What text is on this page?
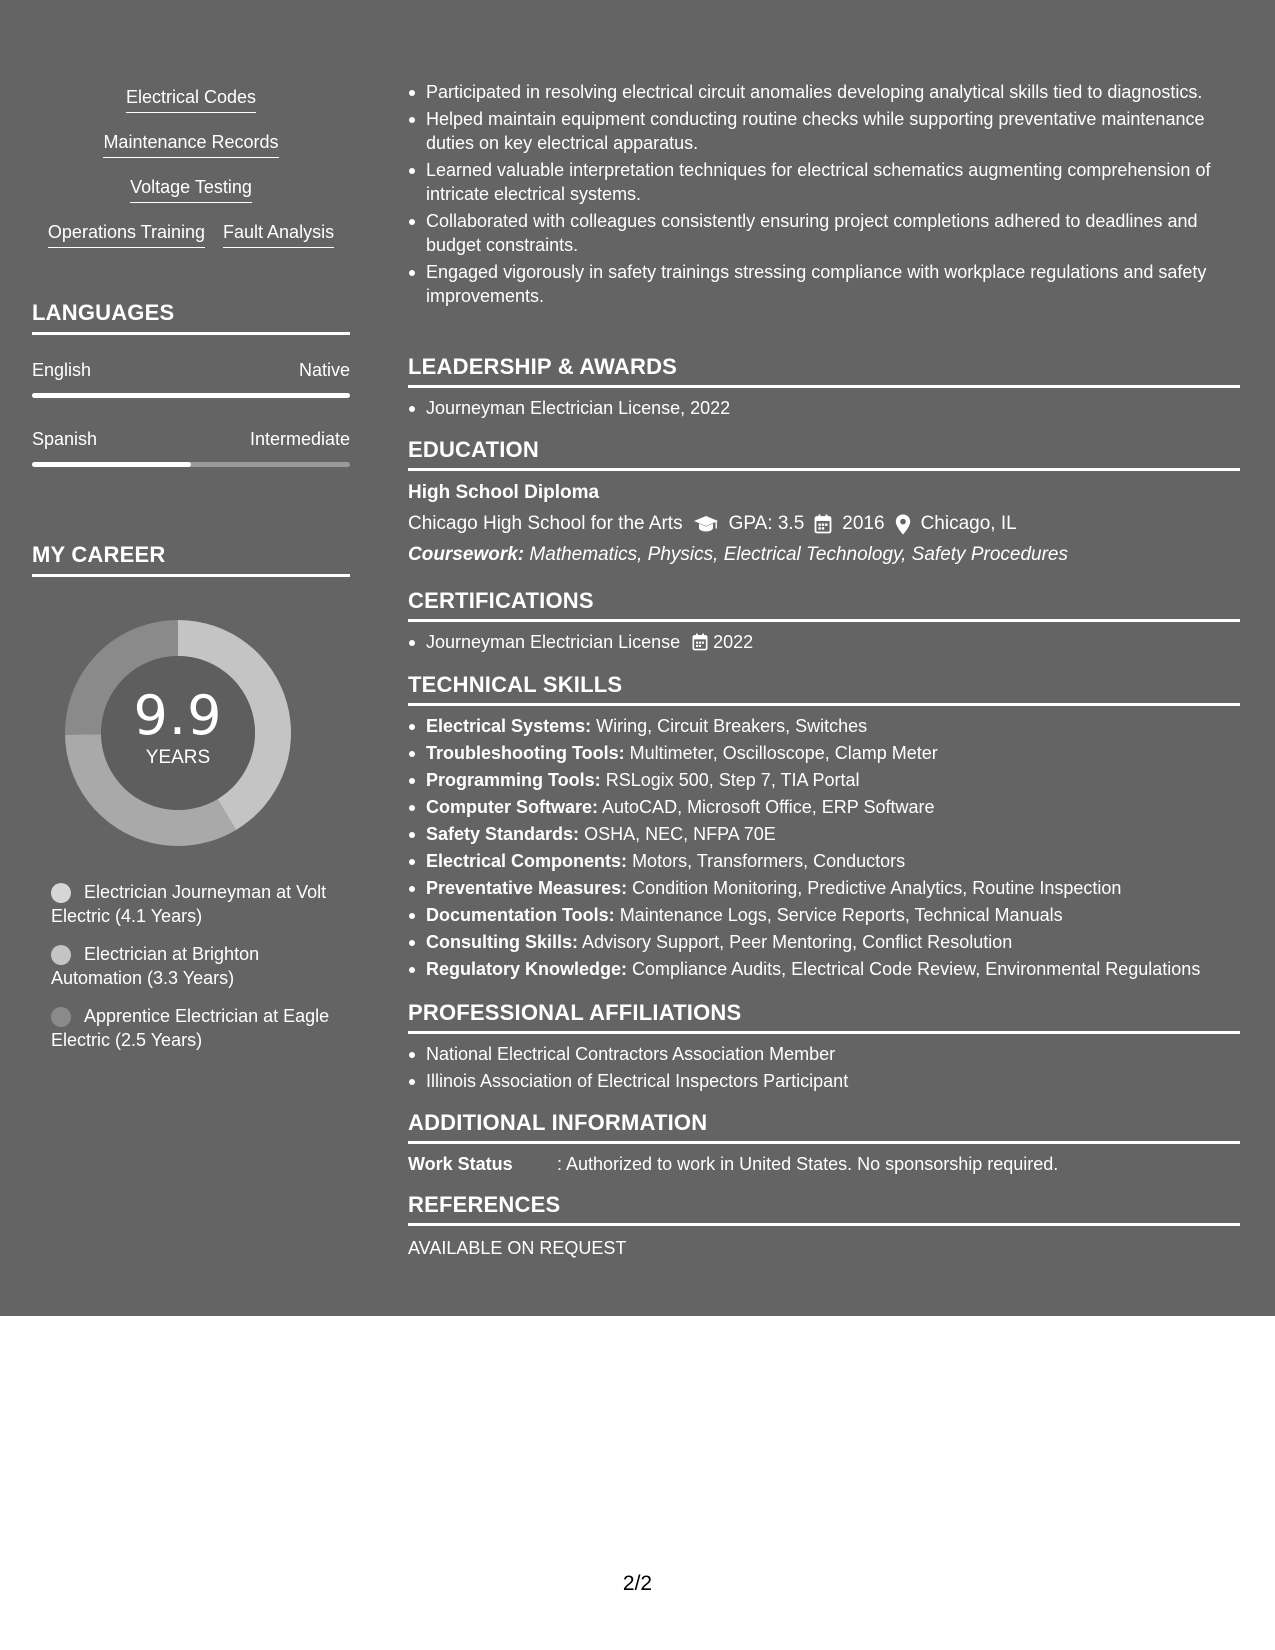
Electrical Codes
Maintenance Records
Voltage Testing
Operations Training Fault Analysis
LANGUAGES
English	Native
Spanish	Intermediate
MY CAREER
9.9
YEARS
Electrician Journeyman at Volt Electric (4.1 Years)
Electrician at Brighton Automation (3.3 Years)
Apprentice Electrician at Eagle Electric (2.5 Years)
Participated in resolving electrical circuit anomalies developing analytical skills tied to diagnostics.
Helped maintain equipment conducting routine checks while supporting preventative maintenance duties on key electrical apparatus.
Learned valuable interpretation techniques for electrical schematics augmenting comprehension of intricate electrical systems.
Collaborated with colleagues consistently ensuring project completions adhered to deadlines and budget constraints.
Engaged vigorously in safety trainings stressing compliance with workplace regulations and safety improvements.
LEADERSHIP & AWARDS
Journeyman Electrician License, 2022
EDUCATION
High School Diploma
Chicago High School for the Arts GPA: 3.5 2016 Chicago, IL
Coursework: Mathematics, Physics, Electrical Technology, Safety Procedures
CERTIFICATIONS
Journeyman Electrician License 2022
TECHNICAL SKILLS
Electrical Systems: Wiring, Circuit Breakers, Switches
Troubleshooting Tools: Multimeter, Oscilloscope, Clamp Meter
Programming Tools: RSLogix 500, Step 7, TIA Portal
Computer Software: AutoCAD, Microsoft Office, ERP Software
Safety Standards: OSHA, NEC, NFPA 70E
Electrical Components: Motors, Transformers, Conductors
Preventative Measures: Condition Monitoring, Predictive Analytics, Routine Inspection
Documentation Tools: Maintenance Logs, Service Reports, Technical Manuals
Consulting Skills: Advisory Support, Peer Mentoring, Conflict Resolution
Regulatory Knowledge: Compliance Audits, Electrical Code Review, Environmental Regulations
PROFESSIONAL AFFILIATIONS
National Electrical Contractors Association Member
Illinois Association of Electrical Inspectors Participant
ADDITIONAL INFORMATION
Work Status	: Authorized to work in United States. No sponsorship required.
REFERENCES
AVAILABLE ON REQUEST
2/2
